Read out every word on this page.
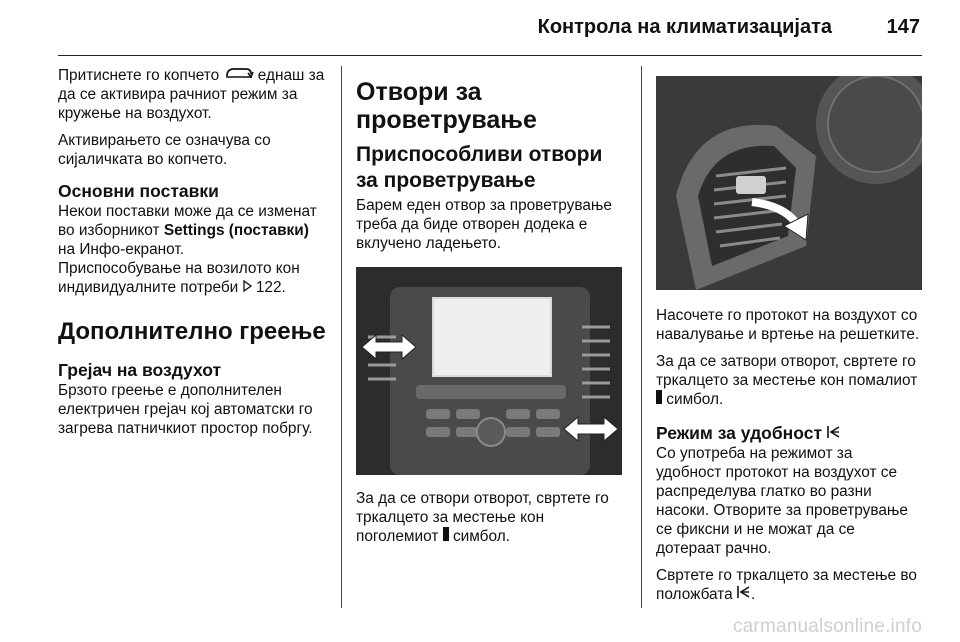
Контрола на климатизацијата	147

Притиснете го копчето	еднаш за да се активира рачниот режим за кружење на воздухот.

Активирањето се означува со сијаличката во копчето.

Основни поставки

Некои поставки може да се изменат во изборникот Settings (поставки) на Инфо-екранот.

Приспособување на возилото кон индивидуалните потреби 122.

Дополнително греење
Грејач на воздухот

Брзото греење е дополнителен електричен грејач кој автоматски го загрева патничкиот простор побргу.

Отвори за проветрување
Приспособливи отвори за проветрување

Барем еден отвор за проветрување треба да биде отворен додека е вклучено ладењето.

За да се отвори отворот, свртете го тркалцето за местење кон поголемиот симбол.

Насочете го протокот на воздухот со навалување и вртење на решетките.

За да се затвори отворот, свртете го тркалцето за местење кон помалиот  симбол.

Режим за удобност

Со употреба на режимот за удобност протокот на воздухот се распределува глатко во разни насоки. Отворите за проветрување се фиксни и не можат да се дотераат рачно.

Свртете го тркалцето за местење во положбата .

carmanualsonline.info
